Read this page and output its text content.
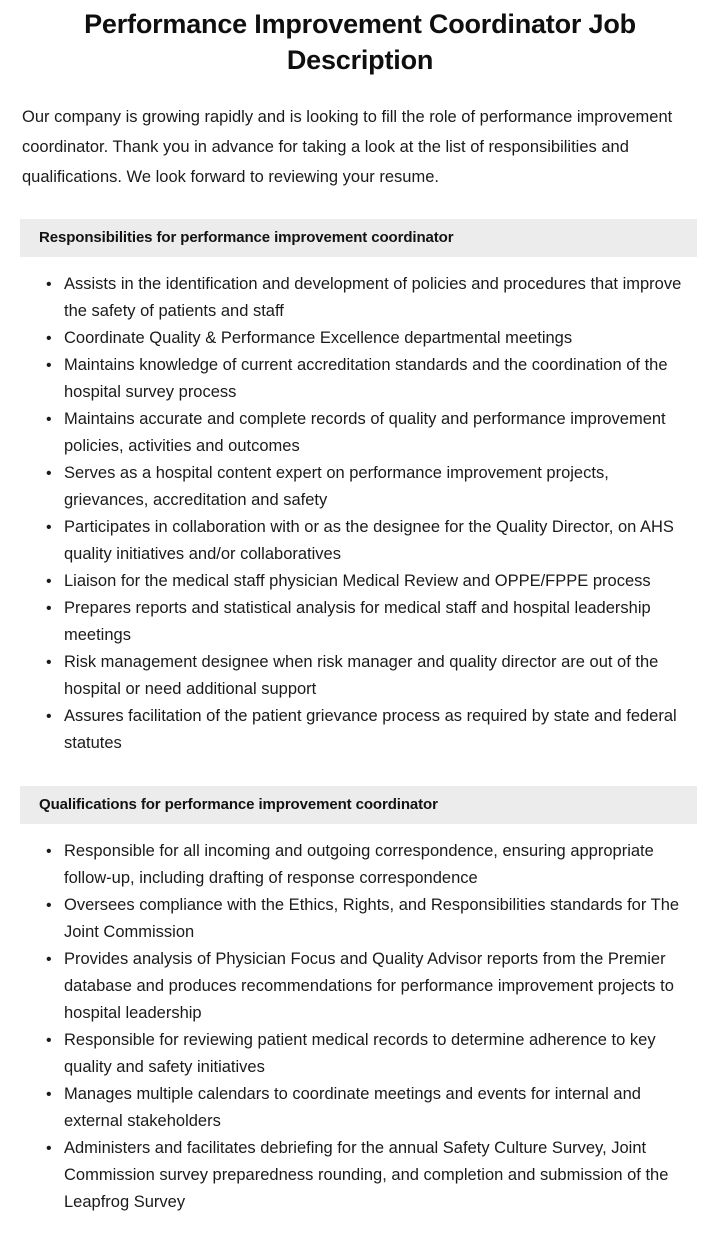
Performance Improvement Coordinator Job Description

Our company is growing rapidly and is looking to fill the role of performance improvement coordinator. Thank you in advance for taking a look at the list of responsibilities and qualifications. We look forward to reviewing your resume.

Responsibilities for performance improvement coordinator
• Assists in the identification and development of policies and procedures that improve the safety of patients and staff
• Coordinate Quality & Performance Excellence departmental meetings
• Maintains knowledge of current accreditation standards and the coordination of the hospital survey process
• Maintains accurate and complete records of quality and performance improvement policies, activities and outcomes
• Serves as a hospital content expert on performance improvement projects, grievances, accreditation and safety
• Participates in collaboration with or as the designee for the Quality Director, on AHS quality initiatives and/or collaboratives
• Liaison for the medical staff physician Medical Review and OPPE/FPPE process
• Prepares reports and statistical analysis for medical staff and hospital leadership meetings
• Risk management designee when risk manager and quality director are out of the hospital or need additional support
• Assures facilitation of the patient grievance process as required by state and federal statutes
Qualifications for performance improvement coordinator
• Responsible for all incoming and outgoing correspondence, ensuring appropriate follow-up, including drafting of response correspondence
• Oversees compliance with the Ethics, Rights, and Responsibilities standards for The Joint Commission
• Provides analysis of Physician Focus and Quality Advisor reports from the Premier database and produces recommendations for performance improvement projects to hospital leadership
• Responsible for reviewing patient medical records to determine adherence to key quality and safety initiatives
• Manages multiple calendars to coordinate meetings and events for internal and external stakeholders
• Administers and facilitates debriefing for the annual Safety Culture Survey, Joint Commission survey preparedness rounding, and completion and submission of the Leapfrog Survey
